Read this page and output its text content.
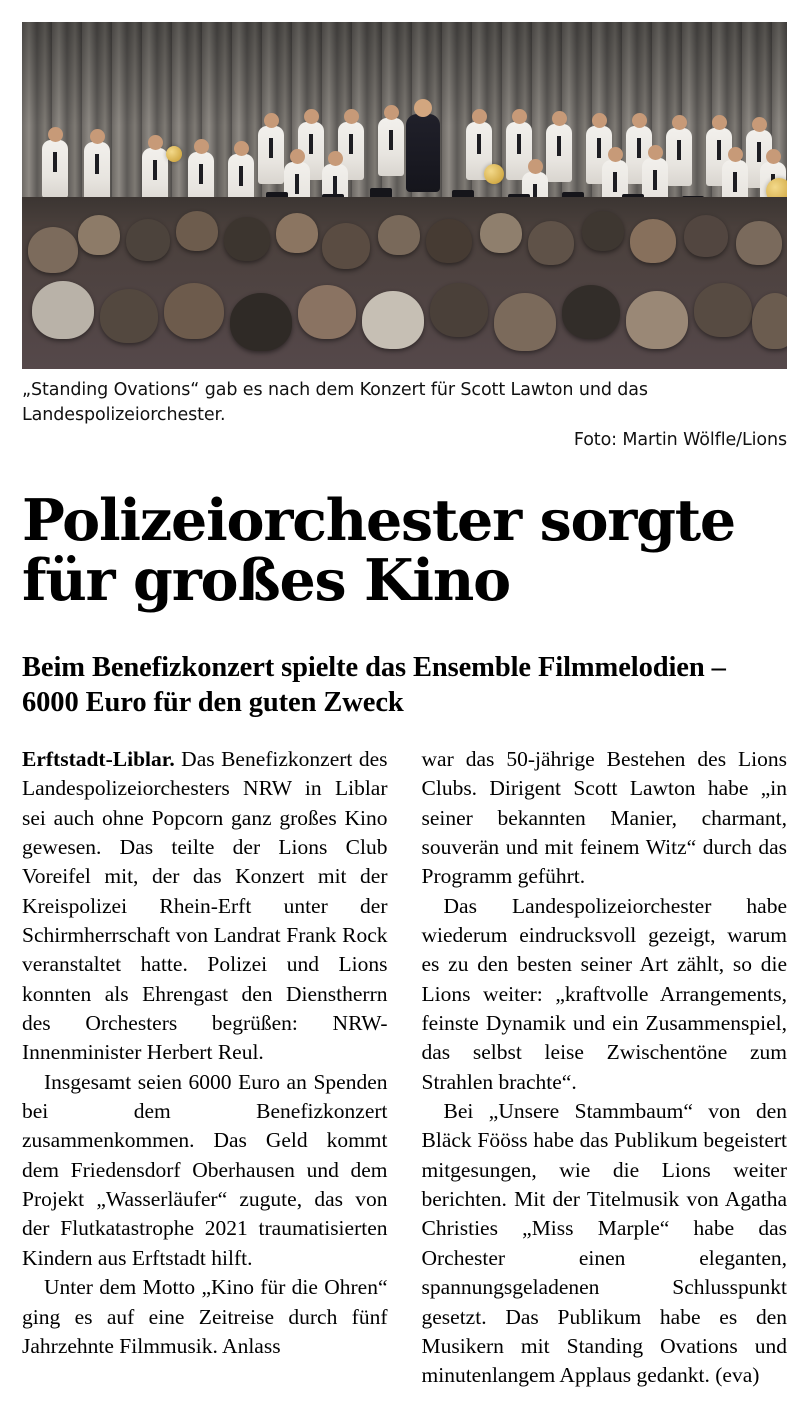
„Standing Ovations“ gab es nach dem Konzert für Scott Lawton und das Landespolizeiorchester.
Foto: Martin Wölfle/Lions
Polizeiorchester sorgte für großes Kino
Beim Benefizkonzert spielte das Ensemble Filmmelodien – 6000 Euro für den guten Zweck

Erftstadt-Liblar. Das Benefizkonzert des Landespolizeiorchesters NRW in Liblar sei auch ohne Popcorn ganz großes Kino gewesen. Das teilte der Lions Club Voreifel mit, der das Konzert mit der Kreispolizei Rhein-Erft unter der Schirmherrschaft von Landrat Frank Rock veranstaltet hatte. Polizei und Lions konnten als Ehrengast den Dienstherrn des Orchesters begrüßen: NRW-Innenminister Herbert Reul.

Insgesamt seien 6000 Euro an Spenden bei dem Benefizkonzert zusammenkommen. Das Geld kommt dem Friedensdorf Oberhausen und dem Projekt „Wasserläufer“ zugute, das von der Flutkatastrophe 2021 traumatisierten Kindern aus Erftstadt hilft.

Unter dem Motto „Kino für die Ohren“ ging es auf eine Zeitreise durch fünf Jahrzehnte Filmmusik. Anlass

war das 50-jährige Bestehen des Lions Clubs. Dirigent Scott Lawton habe „in seiner bekannten Manier, charmant, souverän und mit feinem Witz“ durch das Programm geführt.

Das Landespolizeiorchester habe wiederum eindrucksvoll gezeigt, warum es zu den besten seiner Art zählt, so die Lions weiter: „kraftvolle Arrangements, feinste Dynamik und ein Zusammenspiel, das selbst leise Zwischentöne zum Strahlen brachte“.

Bei „Unsere Stammbaum“ von den Bläck Fööss habe das Publikum begeistert mitgesungen, wie die Lions weiter berichten. Mit der Titelmusik von Agatha Christies „Miss Marple“ habe das Orchester einen eleganten, spannungsgeladenen Schlusspunkt gesetzt. Das Publikum habe es den Musikern mit Standing Ovations und minutenlangem Applaus gedankt. (eva)
